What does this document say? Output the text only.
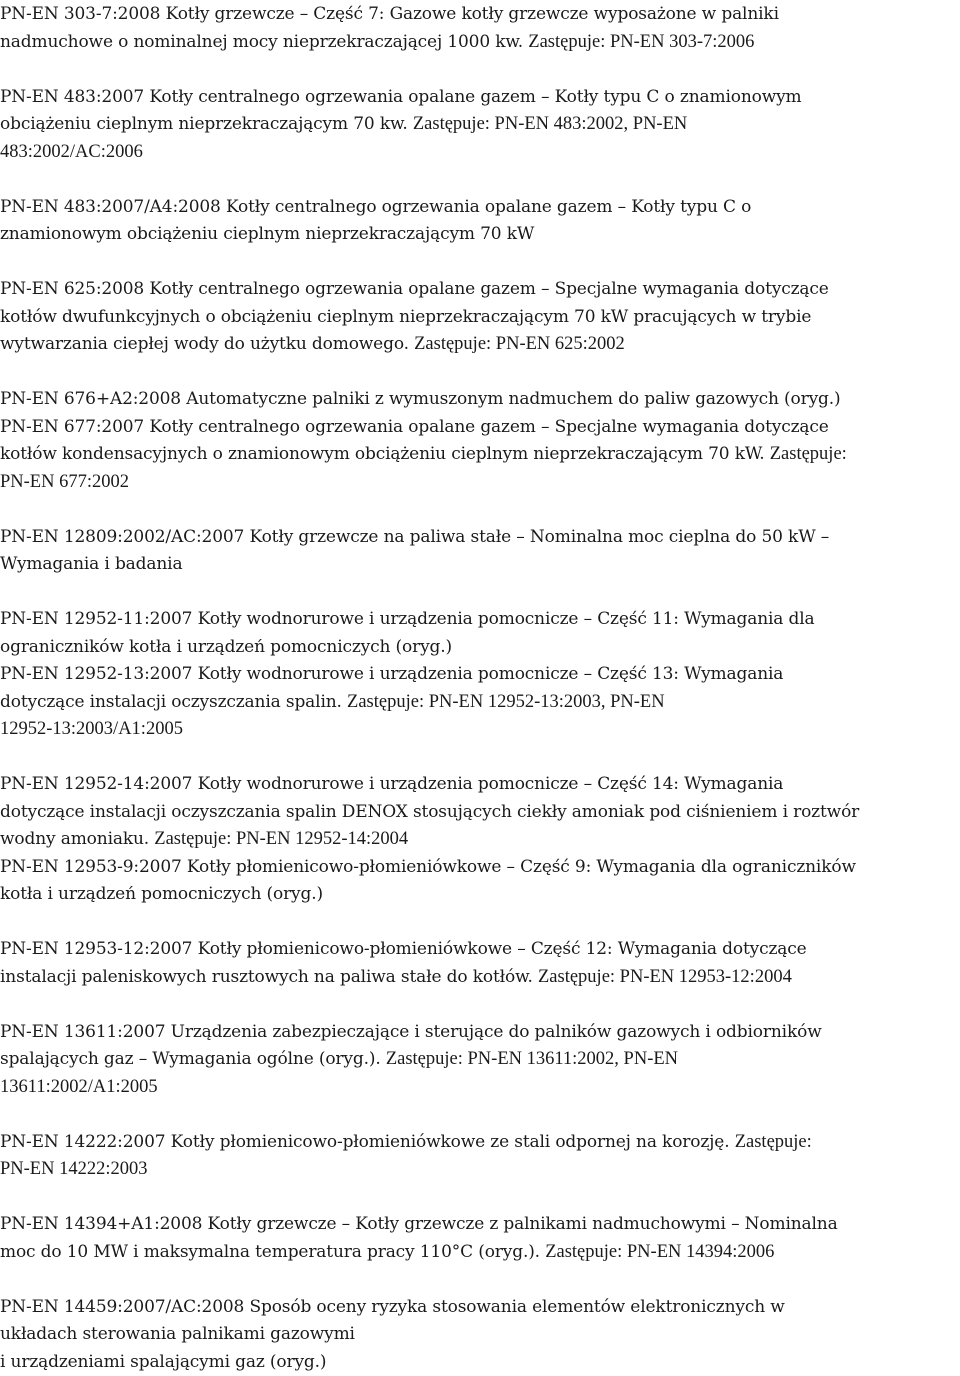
PN-EN 303-7:2008 Kotły grzewcze – Część 7: Gazowe kotły grzewcze wyposażone w palniki
nadmuchowe o nominalnej mocy nieprzekraczającej 1000 kw. Zastępuje: PN-EN 303-7:2006

PN-EN 483:2007 Kotły centralnego ogrzewania opalane gazem – Kotły typu C o znamionowym
obciążeniu cieplnym nieprzekraczającym 70 kw. Zastępuje: PN-EN 483:2002, PN-EN
483:2002/AC:2006

PN-EN 483:2007/A4:2008 Kotły centralnego ogrzewania opalane gazem – Kotły typu C o
znamionowym obciążeniu cieplnym nieprzekraczającym 70 kW

PN-EN 625:2008 Kotły centralnego ogrzewania opalane gazem – Specjalne wymagania dotyczące
kotłów dwufunkcyjnych o obciążeniu cieplnym nieprzekraczającym 70 kW pracujących w trybie
wytwarzania ciepłej wody do użytku domowego. Zastępuje: PN-EN 625:2002

PN-EN 676+A2:2008 Automatyczne palniki z wymuszonym nadmuchem do paliw gazowych (oryg.)

PN-EN 677:2007 Kotły centralnego ogrzewania opalane gazem – Specjalne wymagania dotyczące
kotłów kondensacyjnych o znamionowym obciążeniu cieplnym nieprzekraczającym 70 kW. Zastępuje:
PN-EN 677:2002

PN-EN 12809:2002/AC:2007 Kotły grzewcze na paliwa stałe – Nominalna moc cieplna do 50 kW –
Wymagania i badania

PN-EN 12952-11:2007 Kotły wodnorurowe i urządzenia pomocnicze – Część 11: Wymagania dla
ograniczników kotła i urządzeń pomocniczych (oryg.)

PN-EN 12952-13:2007 Kotły wodnorurowe i urządzenia pomocnicze – Część 13: Wymagania
dotyczące instalacji oczyszczania spalin. Zastępuje: PN-EN 12952-13:2003, PN-EN
12952-13:2003/A1:2005

PN-EN 12952-14:2007 Kotły wodnorurowe i urządzenia pomocnicze – Część 14: Wymagania
dotyczące instalacji oczyszczania spalin DENOX stosujących ciekły amoniak pod ciśnieniem i roztwór
wodny amoniaku. Zastępuje: PN-EN 12952-14:2004

PN-EN 12953-9:2007 Kotły płomienicowo-płomieniówkowe – Część 9: Wymagania dla ograniczników
kotła i urządzeń pomocniczych (oryg.)

PN-EN 12953-12:2007 Kotły płomienicowo-płomieniówkowe – Część 12: Wymagania dotyczące
instalacji paleniskowych rusztowych na paliwa stałe do kotłów. Zastępuje: PN-EN 12953-12:2004

PN-EN 13611:2007 Urządzenia zabezpieczające i sterujące do palników gazowych i odbiorników
spalających gaz – Wymagania ogólne (oryg.). Zastępuje: PN-EN 13611:2002, PN-EN
13611:2002/A1:2005

PN-EN 14222:2007 Kotły płomienicowo-płomieniówkowe ze stali odpornej na korozję. Zastępuje:
PN-EN 14222:2003

PN-EN 14394+A1:2008 Kotły grzewcze – Kotły grzewcze z palnikami nadmuchowymi – Nominalna
moc do 10 MW i maksymalna temperatura pracy 110°C (oryg.). Zastępuje: PN-EN 14394:2006

PN-EN 14459:2007/AC:2008 Sposób oceny ryzyka stosowania elementów elektronicznych w
układach sterowania palnikami gazowymi
i urządzeniami spalającymi gaz (oryg.)
